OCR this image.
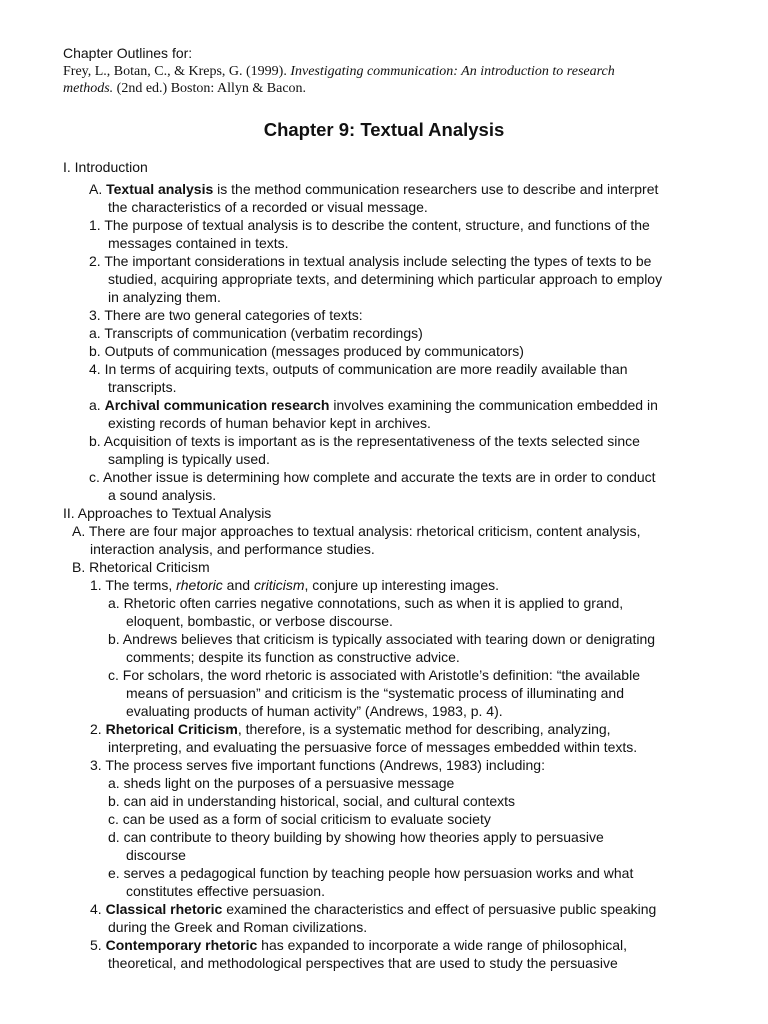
Chapter Outlines for:
Frey, L., Botan, C., & Kreps, G. (1999). Investigating communication: An introduction to research
methods. (2nd ed.) Boston: Allyn & Bacon.
Chapter 9: Textual Analysis
I. Introduction
A. Textual analysis is the method communication researchers use to describe and interpret
the characteristics of a recorded or visual message.
1. The purpose of textual analysis is to describe the content, structure, and functions of the
messages contained in texts.
2. The important considerations in textual analysis include selecting the types of texts to be
studied, acquiring appropriate texts, and determining which particular approach to employ
in analyzing them.
3. There are two general categories of texts:
a. Transcripts of communication (verbatim recordings)
b. Outputs of communication (messages produced by communicators)
4. In terms of acquiring texts, outputs of communication are more readily available than
transcripts.
a. Archival communication research involves examining the communication embedded in
existing records of human behavior kept in archives.
b. Acquisition of texts is important as is the representativeness of the texts selected since
sampling is typically used.
c. Another issue is determining how complete and accurate the texts are in order to conduct
a sound analysis.
II. Approaches to Textual Analysis
A. There are four major approaches to textual analysis: rhetorical criticism, content analysis,
interaction analysis, and performance studies.
B. Rhetorical Criticism
1. The terms, rhetoric and criticism, conjure up interesting images.
a. Rhetoric often carries negative connotations, such as when it is applied to grand,
eloquent, bombastic, or verbose discourse.
b. Andrews believes that criticism is typically associated with tearing down or denigrating
comments; despite its function as constructive advice.
c. For scholars, the word rhetoric is associated with Aristotle’s definition: “the available
means of persuasion” and criticism is the “systematic process of illuminating and
evaluating products of human activity” (Andrews, 1983, p. 4).
2. Rhetorical Criticism, therefore, is a systematic method for describing, analyzing,
interpreting, and evaluating the persuasive force of messages embedded within texts.
3. The process serves five important functions (Andrews, 1983) including:
a. sheds light on the purposes of a persuasive message
b. can aid in understanding historical, social, and cultural contexts
c. can be used as a form of social criticism to evaluate society
d. can contribute to theory building by showing how theories apply to persuasive
discourse
e. serves a pedagogical function by teaching people how persuasion works and what
constitutes effective persuasion.
4. Classical rhetoric examined the characteristics and effect of persuasive public speaking
during the Greek and Roman civilizations.
5. Contemporary rhetoric has expanded to incorporate a wide range of philosophical,
theoretical, and methodological perspectives that are used to study the persuasive
